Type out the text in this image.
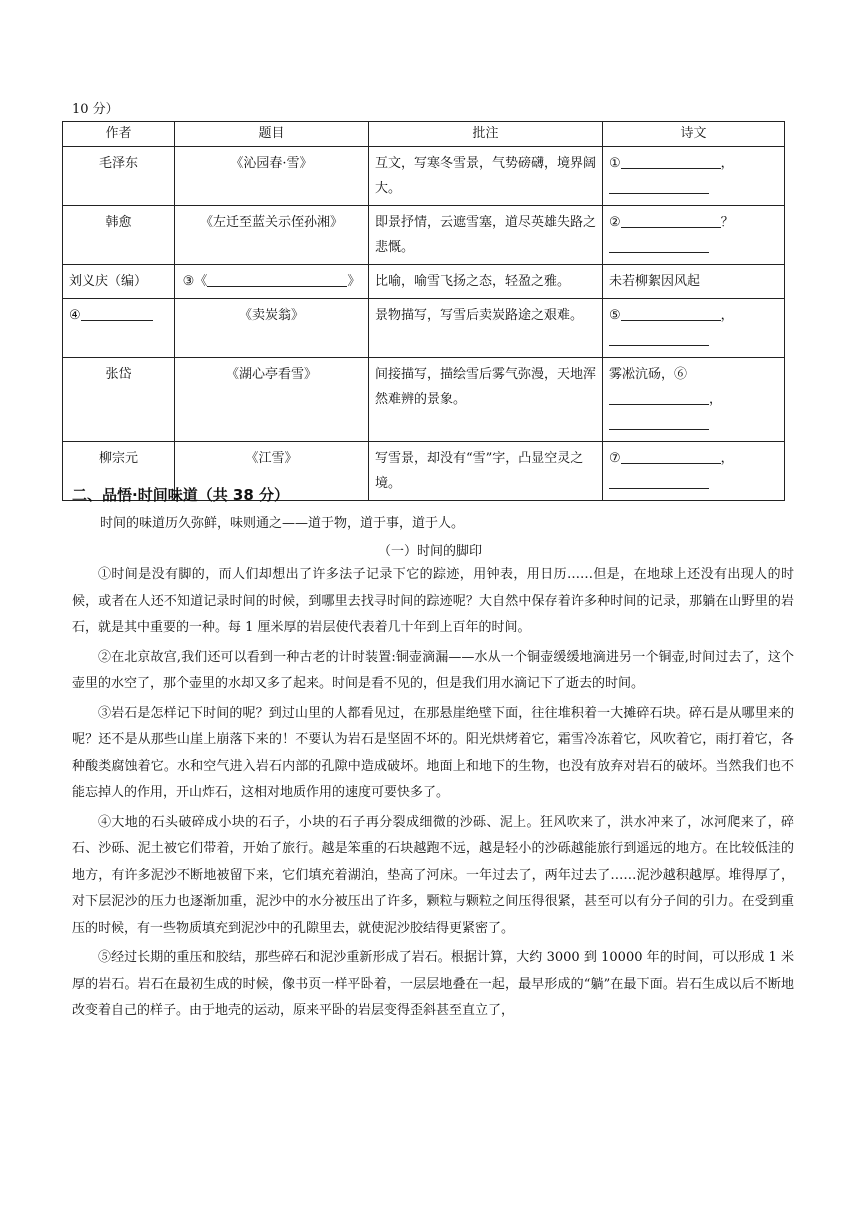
10 分）
作者	题目	批注	诗文
毛泽东	《沁园春·雪》	互文，写寒冬雪景，气势磅礴，境界阔大。	① ，

韩愈	《左迁至蓝关示侄孙湘》	即景抒情，云遮雪塞，道尽英雄失路之悲慨。	② ？

刘义庆（编）	③《 》	比喻，喻雪飞扬之态，轻盈之雅。	未若柳絮因风起
④	《卖炭翁》	景物描写，写雪后卖炭路途之艰难。	⑤ ，

张岱	《湖心亭看雪》	间接描写，描绘雪后雾气弥漫，天地浑然难辨的景象。	雾凇沆砀，⑥
，

柳宗元	《江雪》	写雪景，却没有“雪”字，凸显空灵之境。	⑦ ，

二、品悟·时间味道（共 38 分）
时间的味道历久弥鲜，味则通之——道于物，道于事，道于人。
（一）时间的脚印

①时间是没有脚的，而人们却想出了许多法子记录下它的踪迹，用钟表，用日历……但是，在地球上还没有出现人的时候，或者在人还不知道记录时间的时候，到哪里去找寻时间的踪迹呢？大自然中保存着许多种时间的记录，那躺在山野里的岩石，就是其中重要的一种。每 1 厘米厚的岩层使代表着几十年到上百年的时间。

②在北京故宫,我们还可以看到一种古老的计时装置:铜壶滴漏——水从一个铜壶缓缓地滴进另一个铜壶,时间过去了，这个壶里的水空了，那个壶里的水却又多了起来。时间是看不见的，但是我们用水滴记下了逝去的时间。

③岩石是怎样记下时间的呢？到过山里的人都看见过，在那悬崖绝壁下面，往往堆积着一大摊碎石块。碎石是从哪里来的呢？还不是从那些山崖上崩落下来的！不要认为岩石是坚固不坏的。阳光烘烤着它，霜雪冷冻着它，风吹着它，雨打着它，各种酸类腐蚀着它。水和空气进入岩石内部的孔隙中造成破坏。地面上和地下的生物，也没有放弃对岩石的破坏。当然我们也不能忘掉人的作用，开山炸石，这相对地质作用的速度可要快多了。

④大地的石头破碎成小块的石子，小块的石子再分裂成细微的沙砾、泥上。狂风吹来了，洪水冲来了，冰河爬来了，碎石、沙砾、泥土被它们带着，开始了旅行。越是笨重的石块越跑不远，越是轻小的沙砾越能旅行到遥远的地方。在比较低洼的地方，有许多泥沙不断地被留下来，它们填充着湖泊，垫高了河床。一年过去了，两年过去了……泥沙越积越厚。堆得厚了，对下层泥沙的压力也逐渐加重，泥沙中的水分被压出了许多，颗粒与颗粒之间压得很紧，甚至可以有分子间的引力。在受到重压的时候，有一些物质填充到泥沙中的孔隙里去，就使泥沙胶结得更紧密了。

⑤经过长期的重压和胶结，那些碎石和泥沙重新形成了岩石。根据计算，大约 3000 到 10000 年的时间，可以形成 1 米厚的岩石。岩石在最初生成的时候，像书页一样平卧着，一层层地叠在一起，最早形成的“躺”在最下面。岩石生成以后不断地改变着自己的样子。由于地壳的运动，原来平卧的岩层变得歪斜甚至直立了，
